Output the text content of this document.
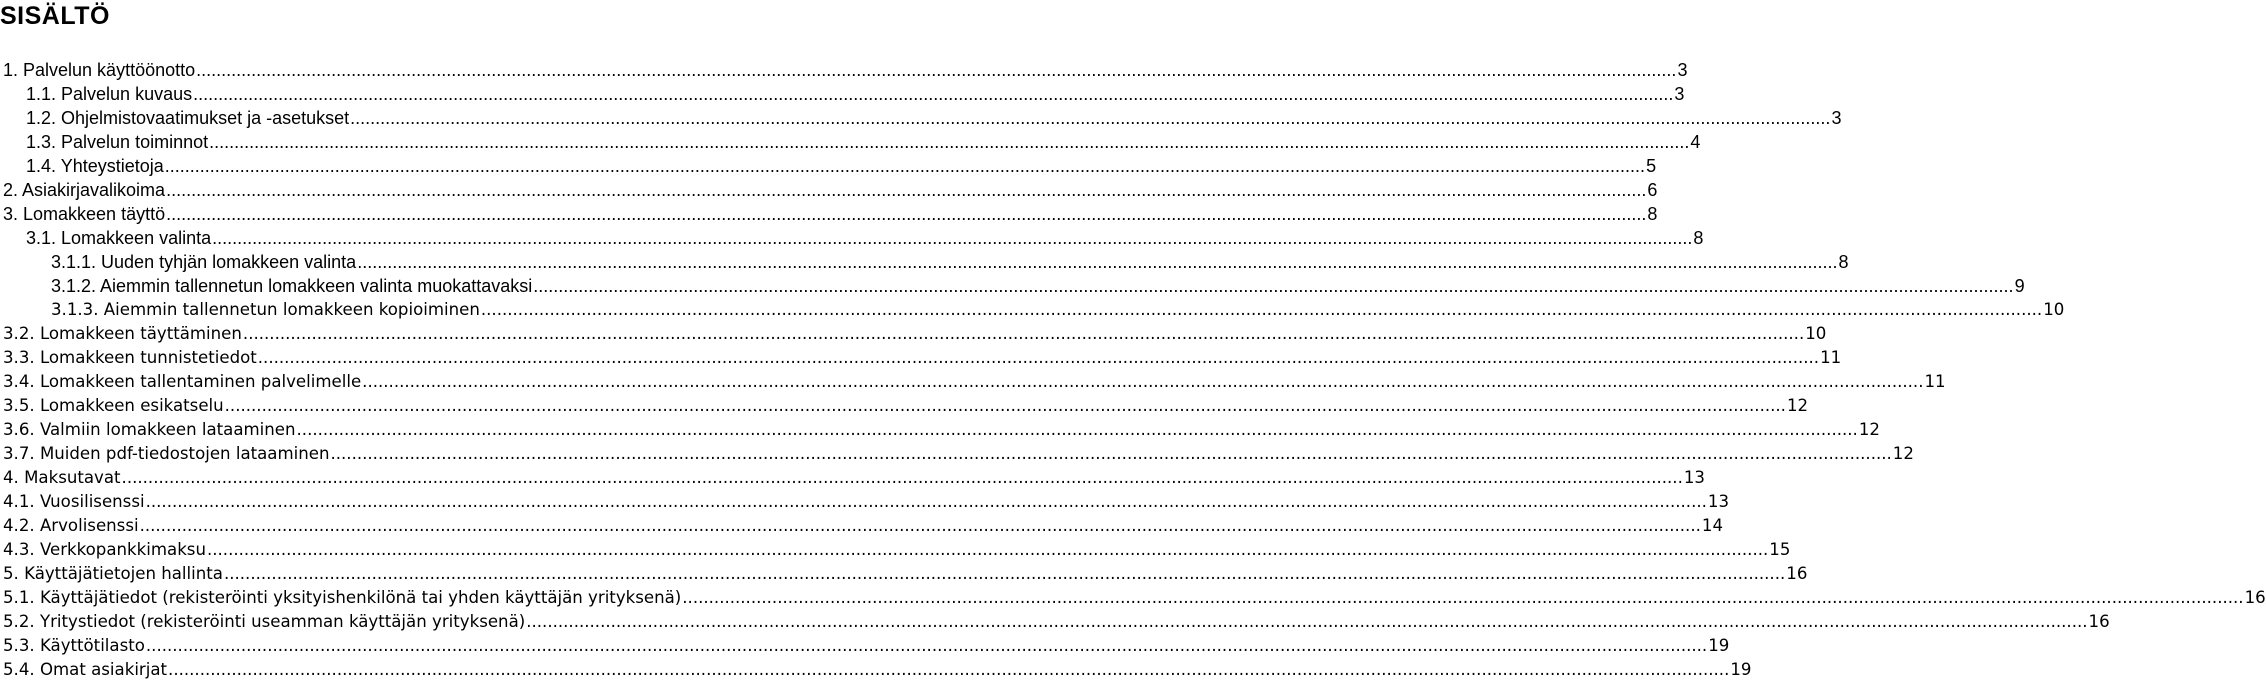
SISÄLTÖ
1. Palvelun käyttöönotto .....	3
1.1. Palvelun kuvaus .....	3
1.2. Ohjelmistovaatimukset ja -asetukset .....	3
1.3. Palvelun toiminnot .....	4
1.4. Yhteystietoja .....	5
2. Asiakirjavalikoima .....	6
3. Lomakkeen täyttö .....	8
3.1. Lomakkeen valinta .....	8
3.1.1. Uuden tyhjän lomakkeen valinta .....	8
3.1.2. Aiemmin tallennetun lomakkeen valinta muokattavaksi .....	9
3.1.3. Aiemmin tallennetun lomakkeen kopioiminen .....	10
3.2. Lomakkeen täyttäminen .....	10
3.3. Lomakkeen tunnistetiedot .....	11
3.4. Lomakkeen tallentaminen palvelimelle .....	11
3.5. Lomakkeen esikatselu .....	12
3.6. Valmiin lomakkeen lataaminen .....	12
3.7. Muiden pdf-tiedostojen lataaminen .....	12
4. Maksutavat .....	13
4.1. Vuosilisenssi .....	13
4.2. Arvolisenssi .....	14
4.3. Verkkopankkimaksu .....	15
5. Käyttäjätietojen hallinta .....	16
5.1. Käyttäjätiedot (rekisteröinti yksityishenkilönä tai yhden käyttäjän yrityksenä) .....	16
5.2. Yritystiedot (rekisteröinti useamman käyttäjän yrityksenä) .....	16
5.3. Käyttötilasto .....	19
5.4. Omat asiakirjat .....	19
